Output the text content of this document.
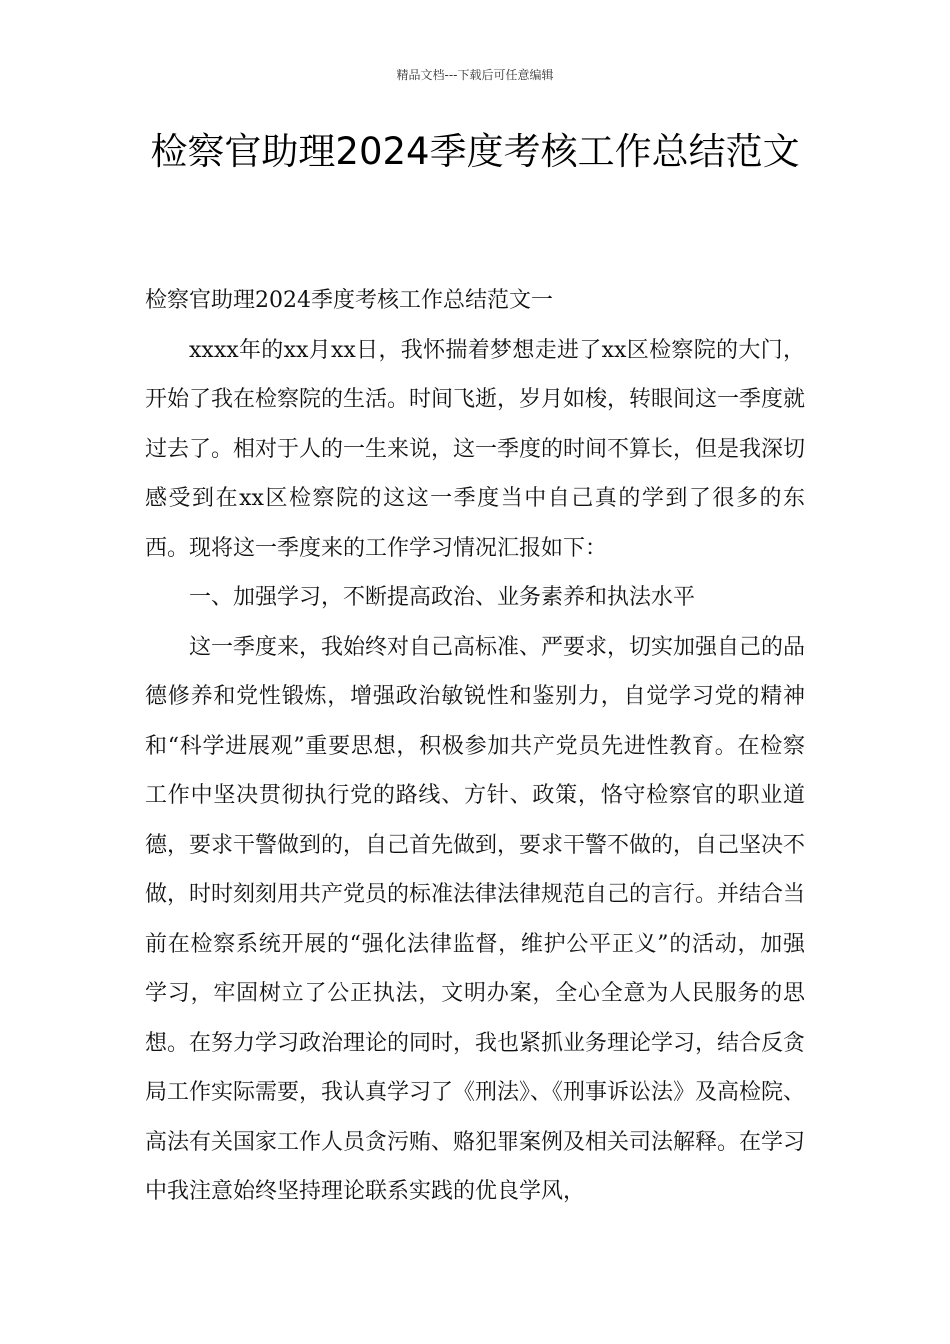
精品文档---下载后可任意编辑
检察官助理2024季度考核工作总结范文

检察官助理2024季度考核工作总结范文一

xxxx年的xx月xx日，我怀揣着梦想走进了xx区检察院的大门，开始了我在检察院的生活。时间飞逝，岁月如梭，转眼间这一季度就过去了。相对于人的一生来说，这一季度的时间不算长，但是我深切感受到在xx区检察院的这这一季度当中自己真的学到了很多的东西。现将这一季度来的工作学习情况汇报如下：

一、加强学习，不断提高政治、业务素养和执法水平

这一季度来，我始终对自己高标准、严要求，切实加强自己的品德修养和党性锻炼，增强政治敏锐性和鉴别力，自觉学习党的精神和“科学进展观”重要思想，积极参加共产党员先进性教育。在检察工作中坚决贯彻执行党的路线、方针、政策，恪守检察官的职业道德，要求干警做到的，自己首先做到，要求干警不做的，自己坚决不做，时时刻刻用共产党员的标准法律法律规范自己的言行。并结合当前在检察系统开展的“强化法律监督，维护公平正义”的活动，加强学习，牢固树立了公正执法，文明办案，全心全意为人民服务的思想。在努力学习政治理论的同时，我也紧抓业务理论学习，结合反贪局工作实际需要，我认真学习了《刑法》、《刑事诉讼法》及高检院、高法有关国家工作人员贪污贿、赂犯罪案例及相关司法解释。在学习中我注意始终坚持理论联系实践的优良学风，
